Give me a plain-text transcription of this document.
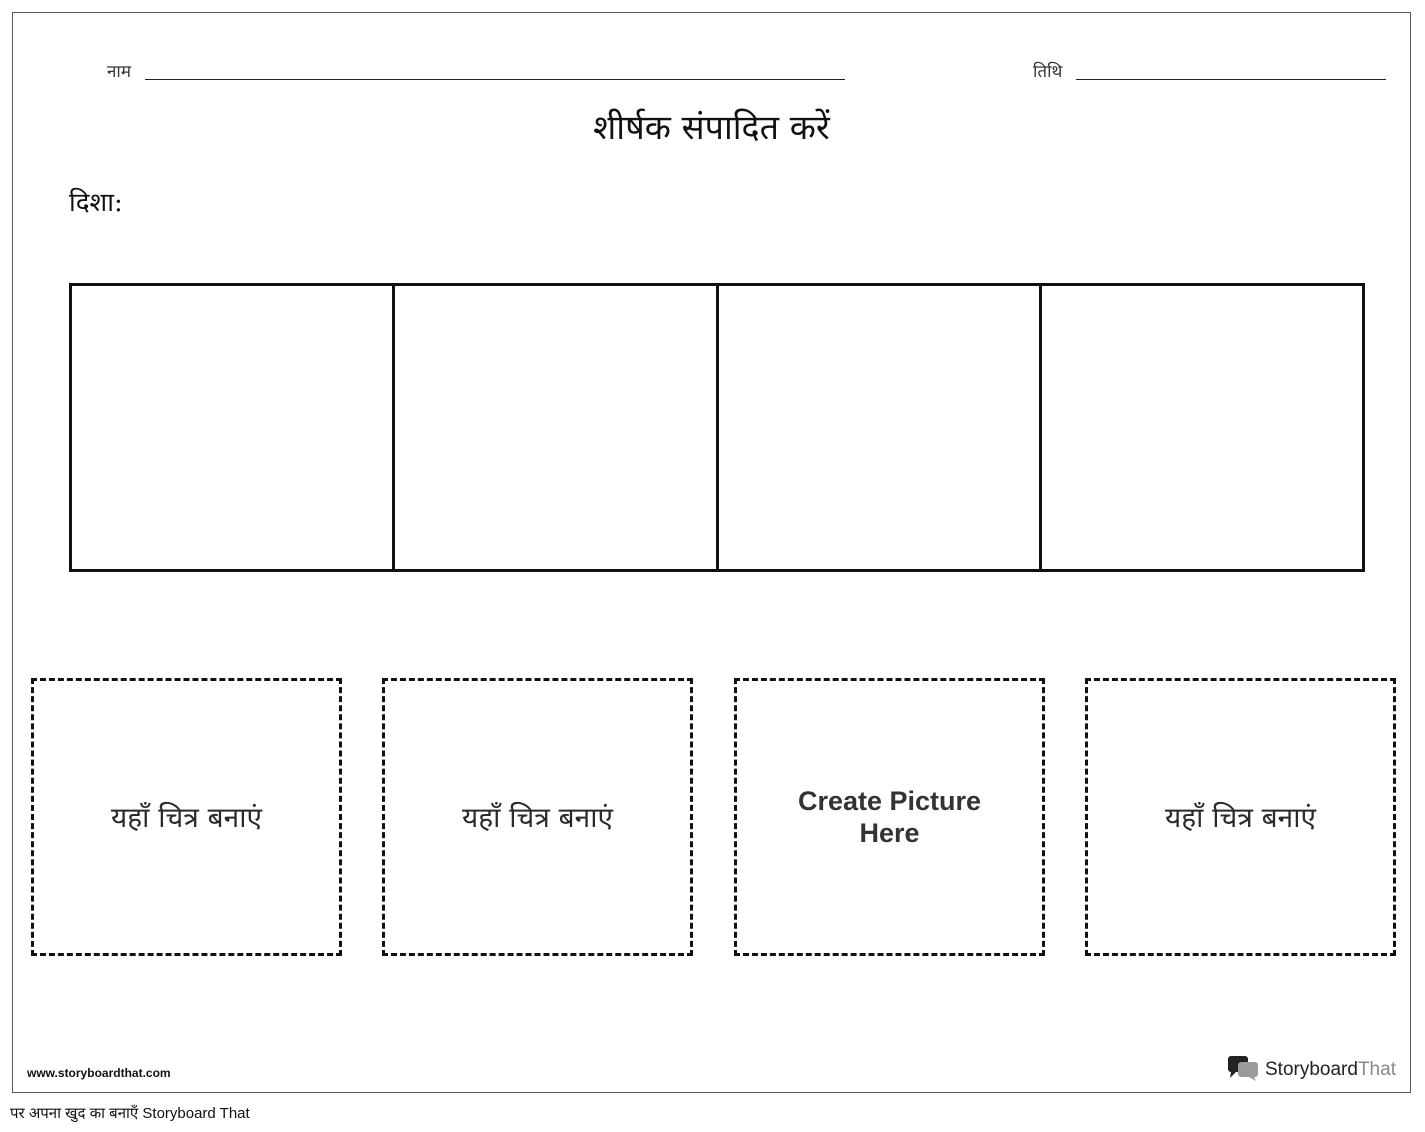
नाम	तिथि
शीर्षक संपादित करें
दिशा:
यहाँ चित्र बनाएं	यहाँ चित्र बनाएं	Create Picture Here	यहाँ चित्र बनाएं
www.storyboardthat.com	StoryboardThat
पर अपना खुद का बनाएँ Storyboard That
